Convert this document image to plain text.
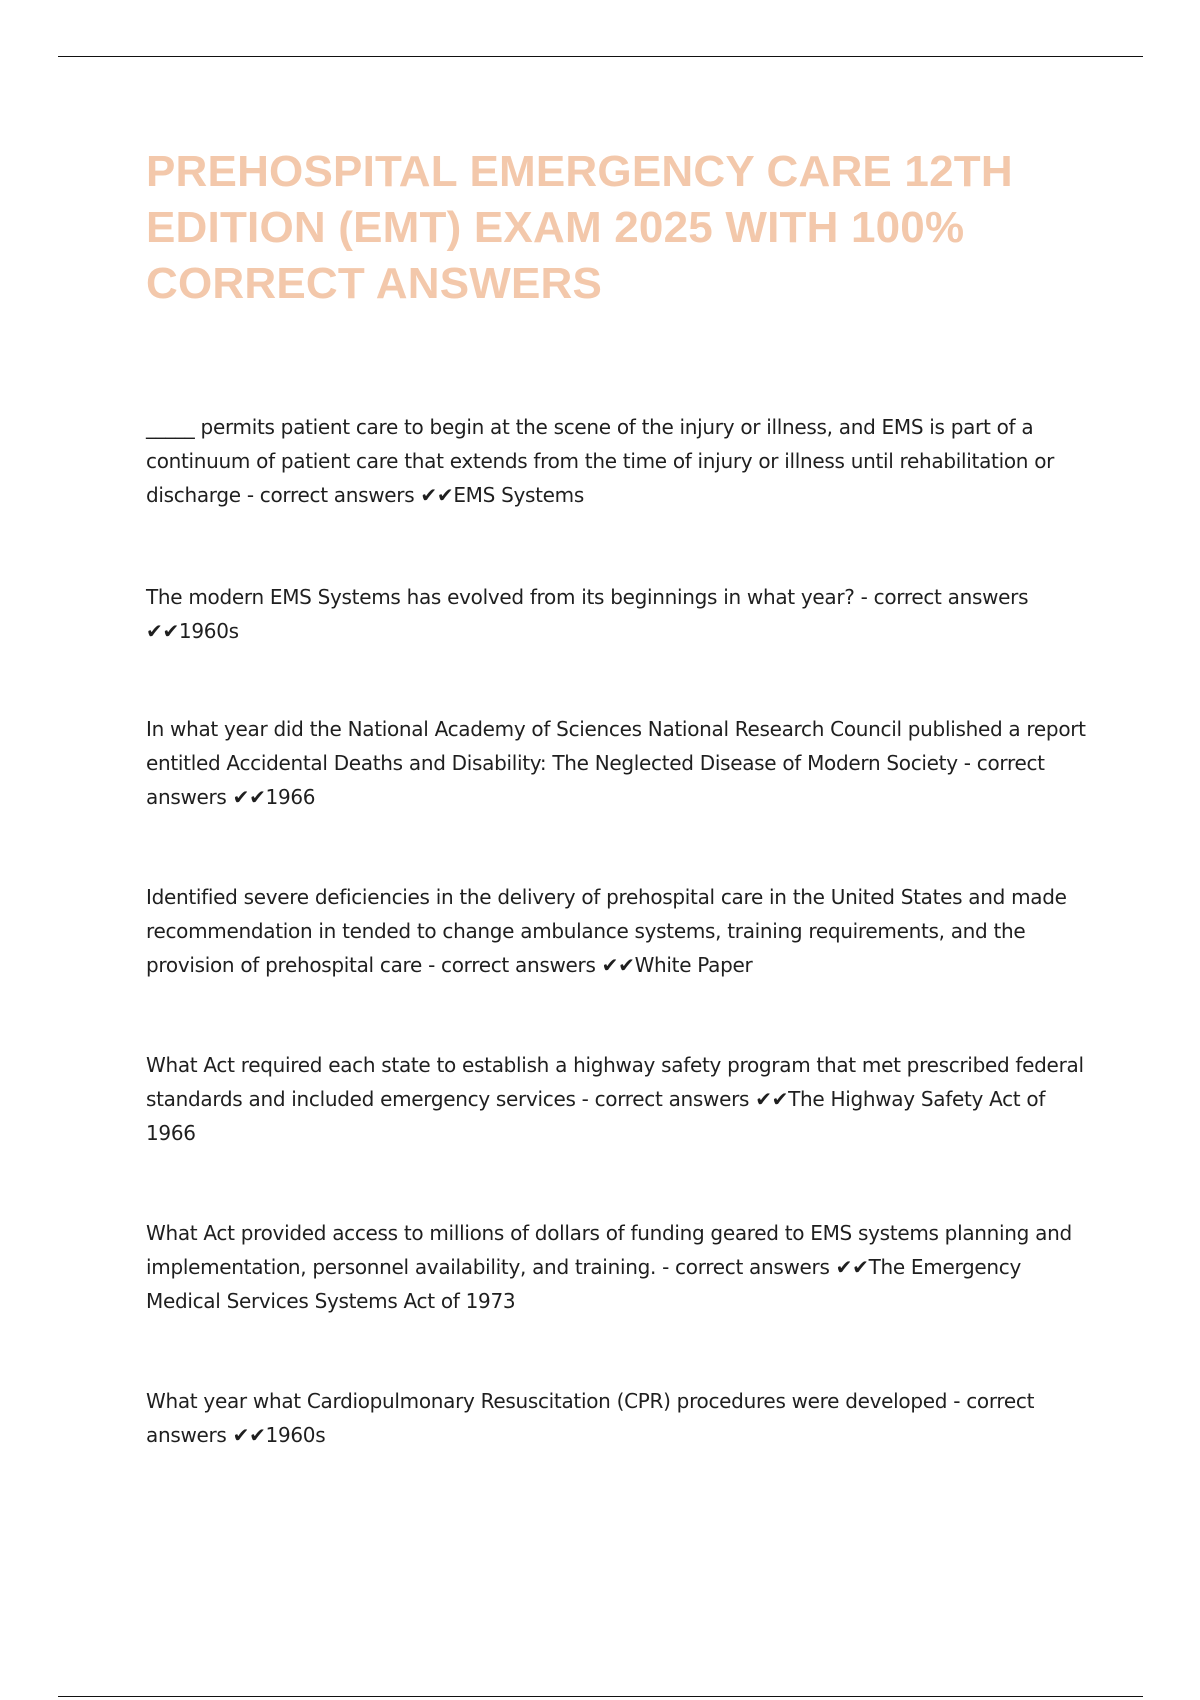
PREHOSPITAL EMERGENCY CARE 12TH EDITION (EMT) EXAM 2025 WITH 100% CORRECT ANSWERS

_____ permits patient care to begin at the scene of the injury or illness, and EMS is part of a continuum of patient care that extends from the time of injury or illness until rehabilitation or discharge - correct answers ✔✔EMS Systems

The modern EMS Systems has evolved from its beginnings in what year? - correct answers ✔✔1960s

In what year did the National Academy of Sciences National Research Council published a report entitled Accidental Deaths and Disability: The Neglected Disease of Modern Society - correct answers ✔✔1966

Identified severe deficiencies in the delivery of prehospital care in the United States and made recommendation in tended to change ambulance systems, training requirements, and the provision of prehospital care - correct answers ✔✔White Paper

What Act required each state to establish a highway safety program that met prescribed federal standards and included emergency services - correct answers ✔✔The Highway Safety Act of 1966

What Act provided access to millions of dollars of funding geared to EMS systems planning and implementation, personnel availability, and training. - correct answers ✔✔The Emergency Medical Services Systems Act of 1973

What year what Cardiopulmonary Resuscitation (CPR) procedures were developed - correct answers ✔✔1960s
